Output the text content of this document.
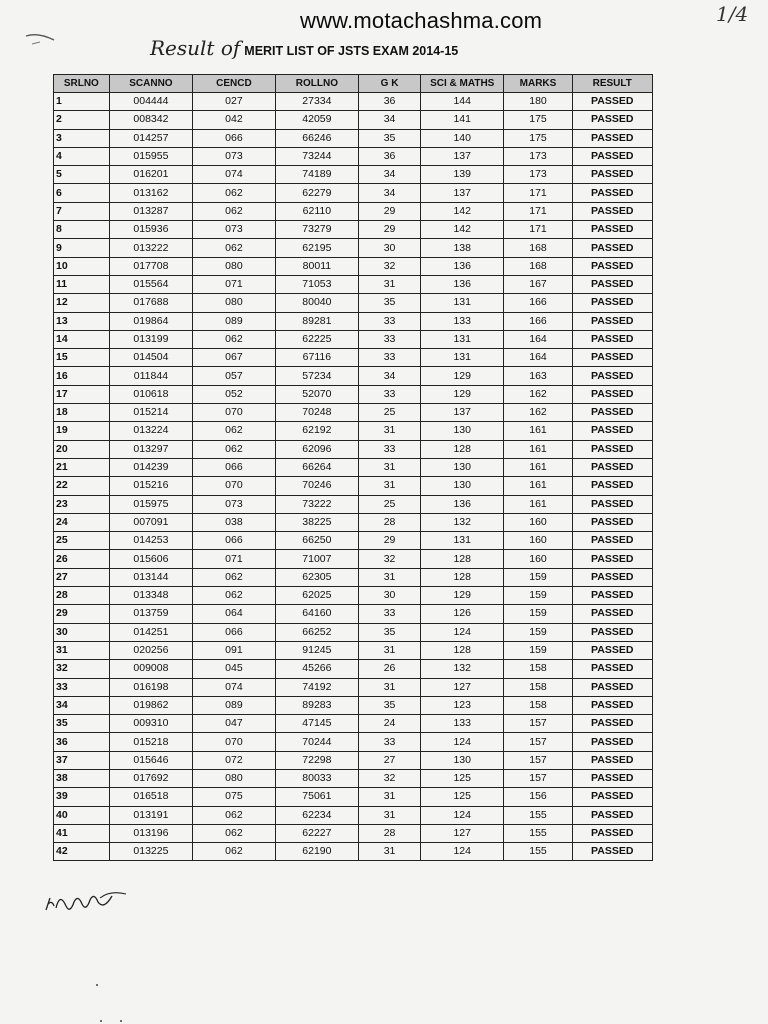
www.motachashma.com	1/4
Result of MERIT LIST OF JSTS EXAM 2014-15
SRLNO	SCANNO	CENCD	ROLLNO	G K	SCI & MATHS	MARKS	RESULT
1	004444	027	27334	36	144	180	PASSED
2	008342	042	42059	34	141	175	PASSED
3	014257	066	66246	35	140	175	PASSED
4	015955	073	73244	36	137	173	PASSED
5	016201	074	74189	34	139	173	PASSED
6	013162	062	62279	34	137	171	PASSED
7	013287	062	62110	29	142	171	PASSED
8	015936	073	73279	29	142	171	PASSED
9	013222	062	62195	30	138	168	PASSED
10	017708	080	80011	32	136	168	PASSED
11	015564	071	71053	31	136	167	PASSED
12	017688	080	80040	35	131	166	PASSED
13	019864	089	89281	33	133	166	PASSED
14	013199	062	62225	33	131	164	PASSED
15	014504	067	67116	33	131	164	PASSED
16	011844	057	57234	34	129	163	PASSED
17	010618	052	52070	33	129	162	PASSED
18	015214	070	70248	25	137	162	PASSED
19	013224	062	62192	31	130	161	PASSED
20	013297	062	62096	33	128	161	PASSED
21	014239	066	66264	31	130	161	PASSED
22	015216	070	70246	31	130	161	PASSED
23	015975	073	73222	25	136	161	PASSED
24	007091	038	38225	28	132	160	PASSED
25	014253	066	66250	29	131	160	PASSED
26	015606	071	71007	32	128	160	PASSED
27	013144	062	62305	31	128	159	PASSED
28	013348	062	62025	30	129	159	PASSED
29	013759	064	64160	33	126	159	PASSED
30	014251	066	66252	35	124	159	PASSED
31	020256	091	91245	31	128	159	PASSED
32	009008	045	45266	26	132	158	PASSED
33	016198	074	74192	31	127	158	PASSED
34	019862	089	89283	35	123	158	PASSED
35	009310	047	47145	24	133	157	PASSED
36	015218	070	70244	33	124	157	PASSED
37	015646	072	72298	27	130	157	PASSED
38	017692	080	80033	32	125	157	PASSED
39	016518	075	75061	31	125	156	PASSED
40	013191	062	62234	31	124	155	PASSED
41	013196	062	62227	28	127	155	PASSED
42	013225	062	62190	31	124	155	PASSED
